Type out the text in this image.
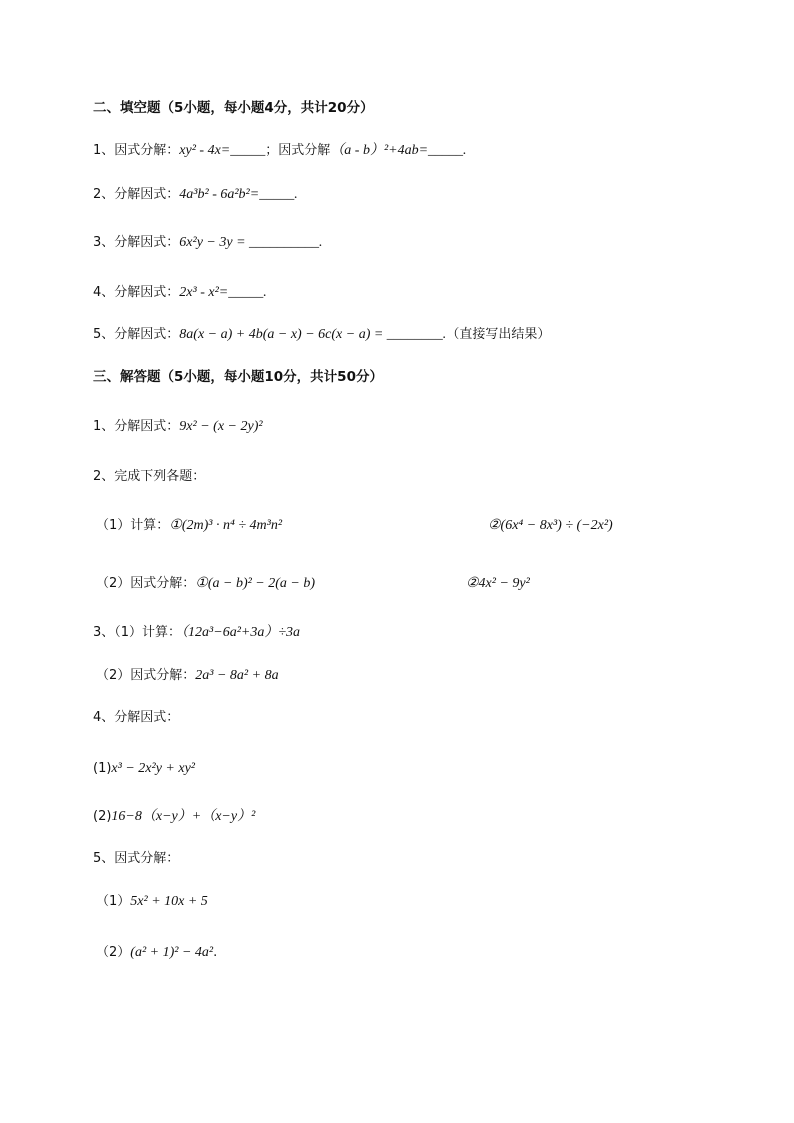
二、填空题（5小题，每小题4分，共计20分）
1、因式分解：xy² - 4x=_____；因式分解（a - b）²+4ab=_____.
2、分解因式：4a³b² - 6a²b²=_____.
3、分解因式：6x²y − 3y = __________.
4、分解因式：2x³ - x²=_____.
5、分解因式：8a(x − a) + 4b(a − x) − 6c(x − a) = ________.（直接写出结果）
三、解答题（5小题，每小题10分，共计50分）
1、分解因式：9x² − (x − 2y)²
2、完成下列各题：
（1）计算：①(2m)³ · n⁴ ÷ 4m³n²	②(6x⁴ − 8x³) ÷ (−2x²)
（2）因式分解：①(a − b)² − 2(a − b)	②4x² − 9y²
3、（1）计算：（12a³−6a²+3a）÷3a
（2）因式分解：2a³ − 8a² + 8a
4、分解因式：
(1)x³ − 2x²y + xy²
(2)16−8（x−y）+（x−y）²
5、因式分解：
（1）5x² + 10x + 5
（2）(a² + 1)² − 4a².
